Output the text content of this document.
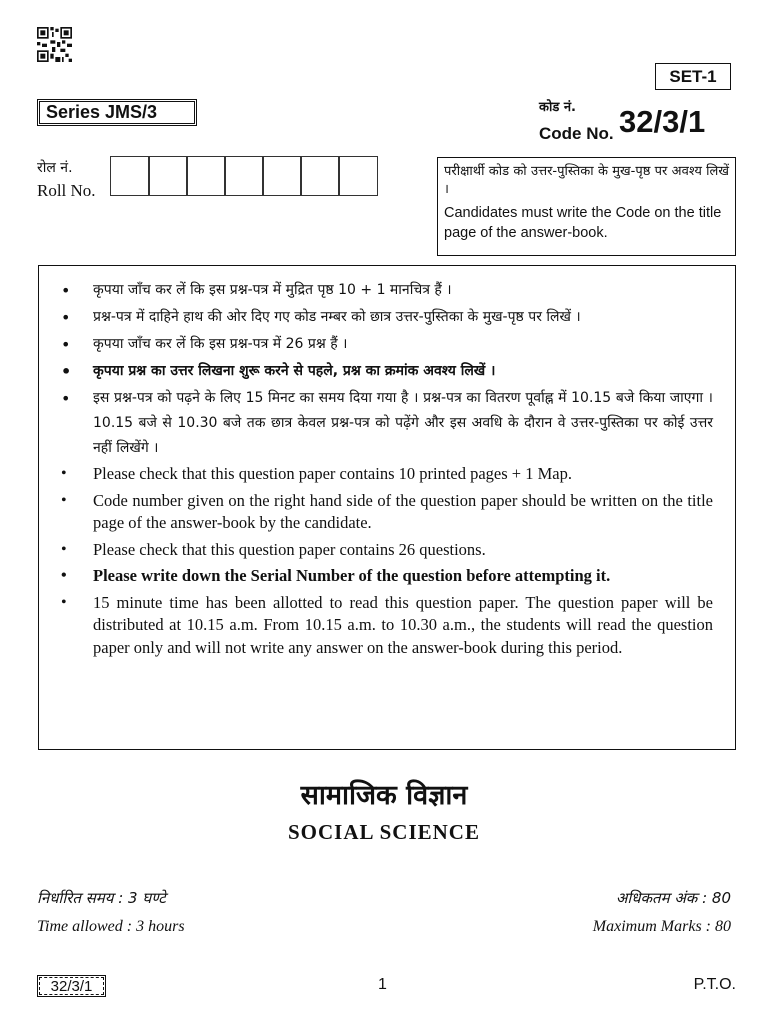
SET-1
Series JMS/3	कोड नं.
Code No. 32/3/1
रोल नं.
Roll No.
परीक्षार्थी कोड को उत्तर-पुस्तिका के मुख-पृष्ठ पर अवश्य लिखें ।
Candidates must write the Code on the title page of the answer-book.
• कृपया जाँच कर लें कि इस प्रश्न-पत्र में मुद्रित पृष्ठ 10 + 1 मानचित्र हैं ।
• प्रश्न-पत्र में दाहिने हाथ की ओर दिए गए कोड नम्बर को छात्र उत्तर-पुस्तिका के मुख-पृष्ठ पर लिखें ।
• कृपया जाँच कर लें कि इस प्रश्न-पत्र में 26 प्रश्न हैं ।
• कृपया प्रश्न का उत्तर लिखना शुरू करने से पहले, प्रश्न का क्रमांक अवश्य लिखें ।
• इस प्रश्न-पत्र को पढ़ने के लिए 15 मिनट का समय दिया गया है । प्रश्न-पत्र का वितरण पूर्वाह्न में 10.15 बजे किया जाएगा । 10.15 बजे से 10.30 बजे तक छात्र केवल प्रश्न-पत्र को पढ़ेंगे और इस अवधि के दौरान वे उत्तर-पुस्तिका पर कोई उत्तर नहीं लिखेंगे ।
• Please check that this question paper contains 10 printed pages + 1 Map.
• Code number given on the right hand side of the question paper should be written on the title page of the answer-book by the candidate.
• Please check that this question paper contains 26 questions.
• Please write down the Serial Number of the question before attempting it.
• 15 minute time has been allotted to read this question paper. The question paper will be distributed at 10.15 a.m. From 10.15 a.m. to 10.30 a.m., the students will read the question paper only and will not write any answer on the answer-book during this period.
सामाजिक विज्ञान
SOCIAL SCIENCE
निर्धारित समय : 3 घण्टे
Time allowed : 3 hours
अधिकतम अंक : 80
Maximum Marks : 80
32/3/1	1	P.T.O.
